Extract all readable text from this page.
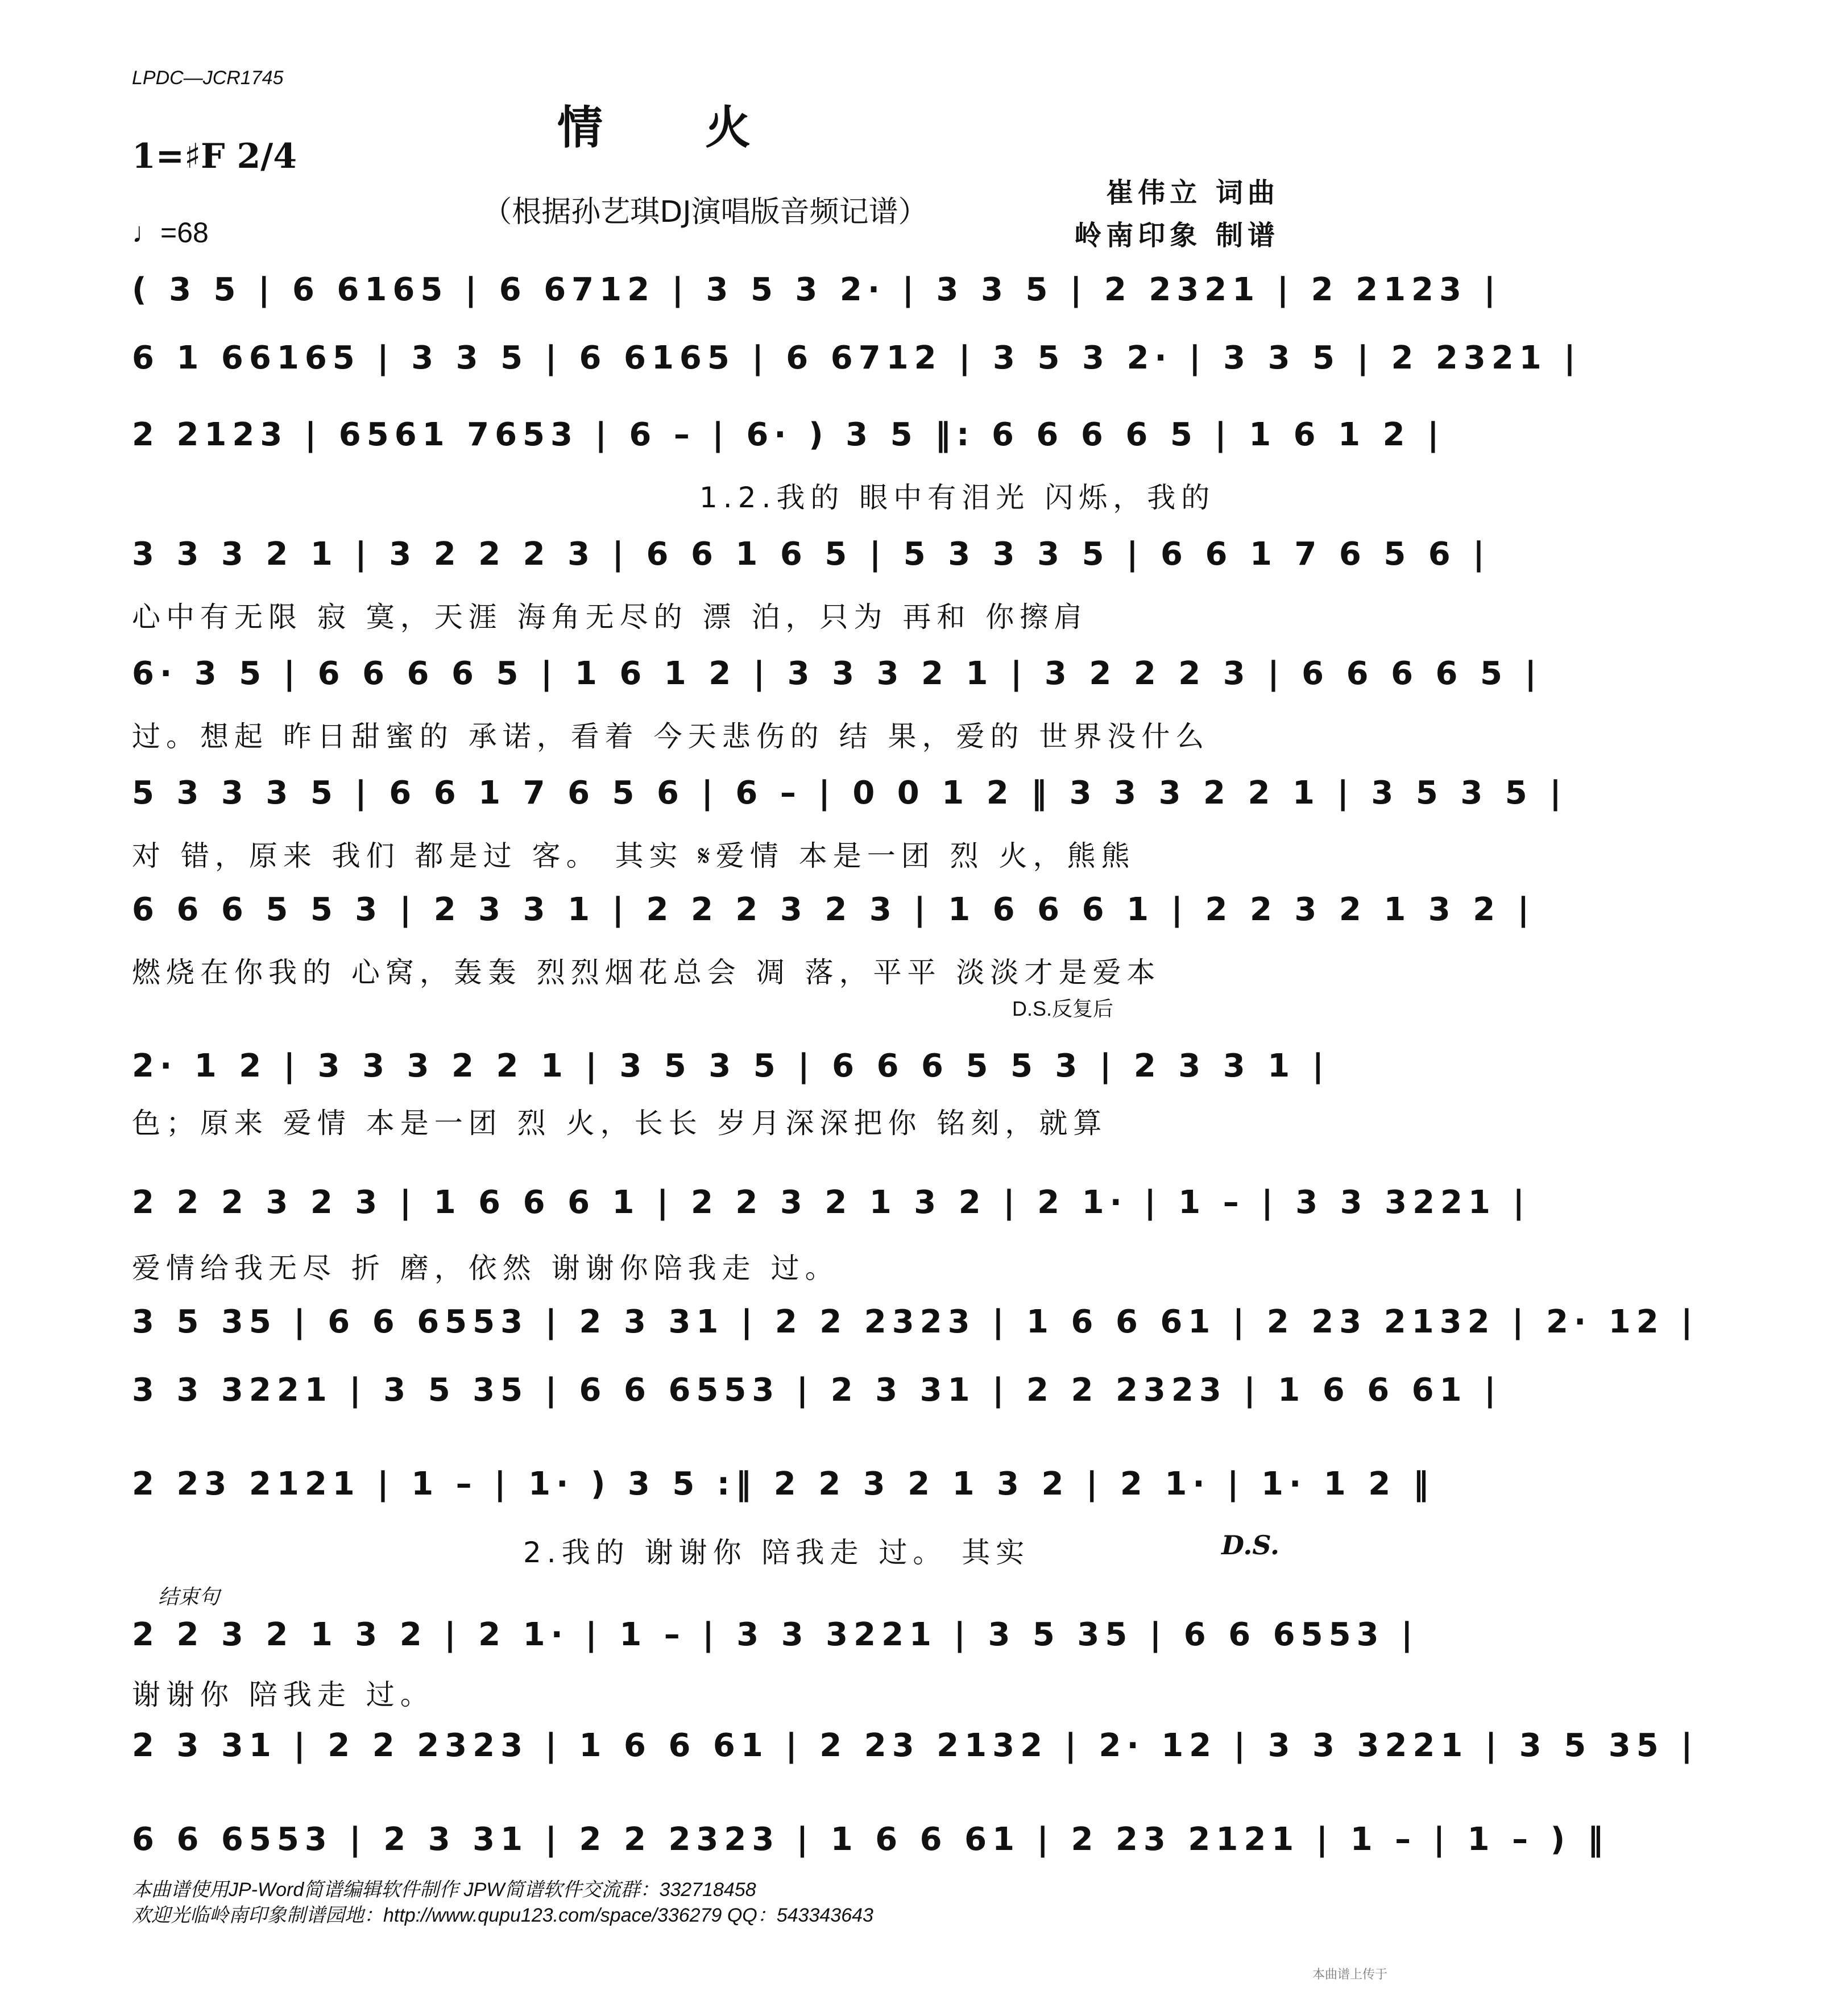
LPDC—JCR1745
情火
1=♯F 2/4
（根据孙艺琪DJ演唱版音频记谱）
崔伟立 词曲
♩=68	岭南印象 制谱
( 3 5 | 6 6165 | 6 6712 | 3 5 3 2· | 3 3 5 | 2 2321 | 2 2123 |
6 1 66165 | 3 3 5 | 6 6165 | 6 6712 | 3 5 3 2· | 3 3 5 | 2 2321 |
2 2123 | 6561 7653 | 6 – | 6· ) 3 5 ‖: 6 6 6 6 5 | 1 6 1 2 |
1.2.我的 眼中有泪光 闪烁，我的
3 3 3 2 1 | 3 2 2 2 3 | 6 6 1 6 5 | 5 3 3 3 5 | 6 6 1 7 6 5 6 |
心中有无限 寂 寞，天涯 海角无尽的 漂 泊，只为 再和 你擦肩
6· 3 5 | 6 6 6 6 5 | 1 6 1 2 | 3 3 3 2 1 | 3 2 2 2 3 | 6 6 6 6 5 |
过。想起 昨日甜蜜的 承诺，看着 今天悲伤的 结 果，爱的 世界没什么
5 3 3 3 5 | 6 6 1 7 6 5 6 | 6 – | 0 0 1 2 ‖ 3 3 3 2 2 1 | 3 5 3 5 |
对 错，原来 我们 都是过 客。 其实 𝄋爱情 本是一团 烈 火，熊熊
6 6 6 5 5 3 | 2 3 3 1 | 2 2 2 3 2 3 | 1 6 6 6 1 | 2 2 3 2 1 3 2 |
燃烧在你我的 心窝，轰轰 烈烈烟花总会 凋 落，平平 淡淡才是爱本
D.S.反复后
2· 1 2 | 3 3 3 2 2 1 | 3 5 3 5 | 6 6 6 5 5 3 | 2 3 3 1 |
色；原来 爱情 本是一团 烈 火，长长 岁月深深把你 铭刻，就算
2 2 2 3 2 3 | 1 6 6 6 1 | 2 2 3 2 1 3 2 | 2 1· | 1 – | 3 3 3221 |
爱情给我无尽 折 磨，依然 谢谢你陪我走 过。
3 5 35 | 6 6 6553 | 2 3 31 | 2 2 2323 | 1 6 6 61 | 2 23 2132 | 2· 12 |
3 3 3221 | 3 5 35 | 6 6 6553 | 2 3 31 | 2 2 2323 | 1 6 6 61 |
2 23 2121 | 1 – | 1· ) 3 5 :‖ 2 2 3 2 1 3 2 | 2 1· | 1· 1 2 ‖
2.我的 谢谢你 陪我走 过。 其实	D.S.
结束句
2 2 3 2 1 3 2 | 2 1· | 1 – | 3 3 3221 | 3 5 35 | 6 6 6553 |
谢谢你 陪我走 过。
2 3 31 | 2 2 2323 | 1 6 6 61 | 2 23 2132 | 2· 12 | 3 3 3221 | 3 5 35 |
6 6 6553 | 2 3 31 | 2 2 2323 | 1 6 6 61 | 2 23 2121 | 1 – | 1 – ) ‖
本曲谱使用JP-Word简谱编辑软件制作 JPW简谱软件交流群：332718458
欢迎光临岭南印象制谱园地：http://www.qupu123.com/space/336279 QQ：543343643
本曲谱上传于
